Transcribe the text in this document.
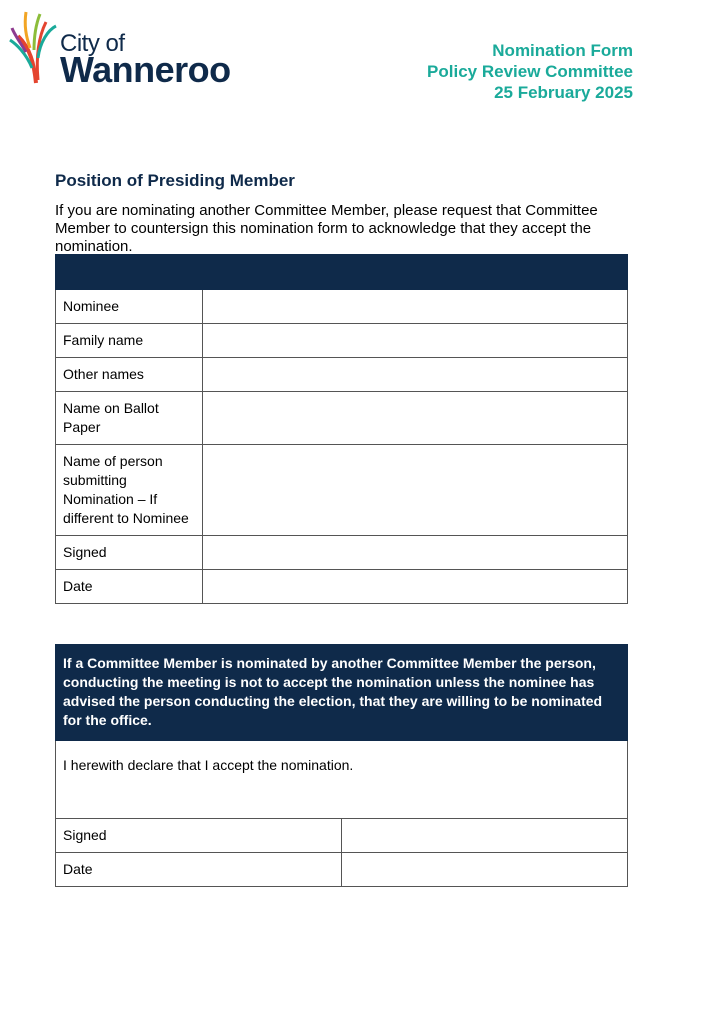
City of
Wanneroo	Nomination Form
Policy Review Committee
25 February 2025
Position of Presiding Member
If you are nominating another Committee Member, please request that Committee Member to countersign this nomination form to acknowledge that they accept the nomination.

Nominee	
Family name	
Other names	
Name on Ballot Paper	
Name of person submitting Nomination – If different to Nominee	
Signed	
Date	
If a Committee Member is nominated by another Committee Member the person, conducting the meeting is not to accept the nomination unless the nominee has advised the person conducting the election, that they are willing to be nominated for the office.	
I herewith declare that I accept the nomination.	
Signed	
Date	
